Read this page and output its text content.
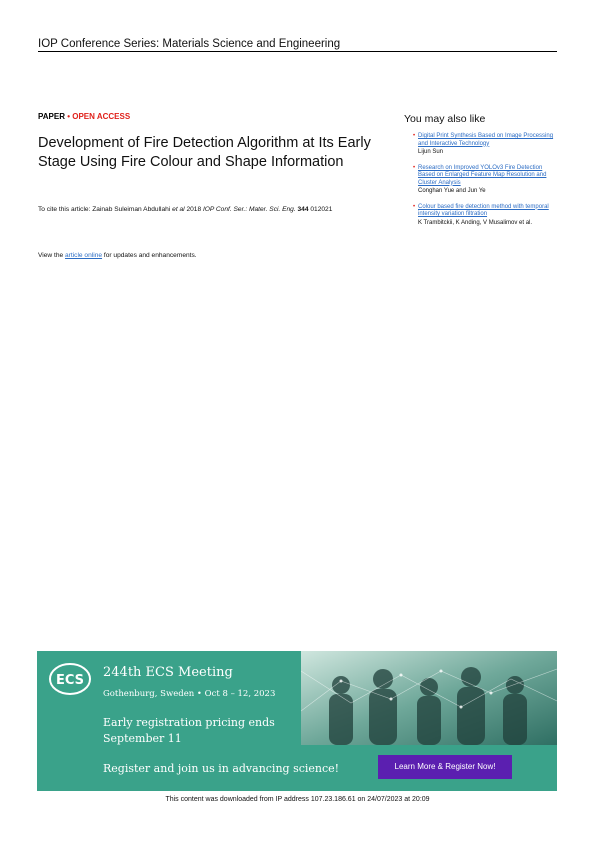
IOP Conference Series: Materials Science and Engineering
PAPER • OPEN ACCESS
Development of Fire Detection Algorithm at Its Early Stage Using Fire Colour and Shape Information
To cite this article: Zainab Suleiman Abdullahi et al 2018 IOP Conf. Ser.: Mater. Sci. Eng. 344 012021
View the article online for updates and enhancements.
You may also like
• Digital Print Synthesis Based on Image Processing and Interactive Technology
Lijun Sun
• Research on Improved YOLOv3 Fire Detection Based on Enlarged Feature Map Resolution and Cluster Analysis
Conghan Yue and Jun Ye
• Colour based fire detection method with temporal intensity variation filtration
K Trambitckii, K Anding, V Musalimov et al.
ECS
244th ECS Meeting
Gothenburg, Sweden • Oct 8 – 12, 2023
Early registration pricing ends
September 11
Register and join us in advancing science!	Learn More & Register Now!
This content was downloaded from IP address 107.23.186.61 on 24/07/2023 at 20:09
